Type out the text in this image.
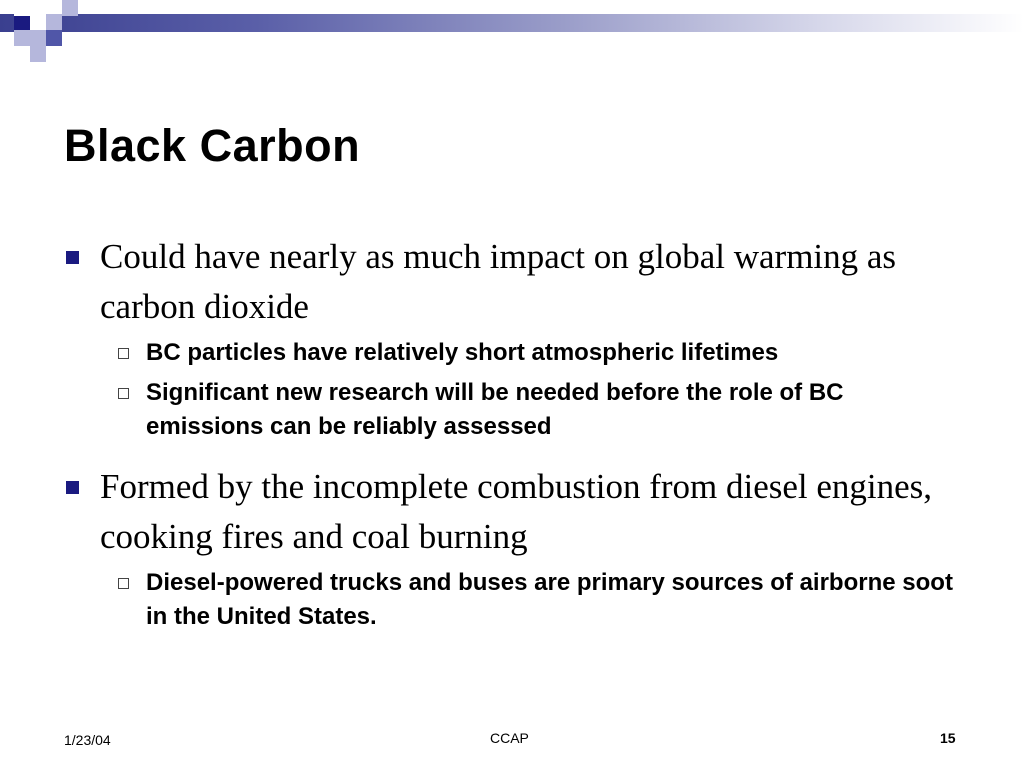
Black Carbon
Could have nearly as much impact on global warming as carbon dioxide
BC particles have relatively short atmospheric lifetimes
Significant new research will be needed before the role of BC emissions can be reliably assessed
Formed by the incomplete combustion from diesel engines, cooking fires and coal burning
Diesel-powered trucks and buses are primary sources of airborne soot in the United States.
1/23/04	CCAP	15
